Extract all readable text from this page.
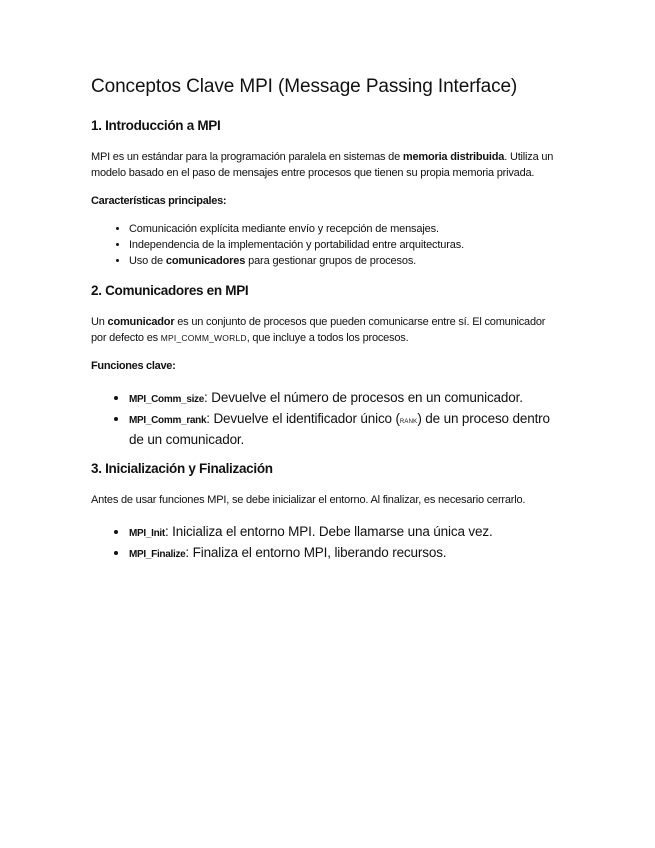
Conceptos Clave MPI (Message Passing Interface)
1. Introducción a MPI

MPI es un estándar para la programación paralela en sistemas de memoria distribuida. Utiliza un modelo basado en el paso de mensajes entre procesos que tienen su propia memoria privada.

Características principales:
• Comunicación explícita mediante envío y recepción de mensajes.
• Independencia de la implementación y portabilidad entre arquitecturas.
• Uso de comunicadores para gestionar grupos de procesos.
2. Comunicadores en MPI

Un comunicador es un conjunto de procesos que pueden comunicarse entre sí. El comunicador por defecto es MPI_COMM_WORLD, que incluye a todos los procesos.

Funciones clave:
• MPI_Comm_size: Devuelve el número de procesos en un comunicador.
• MPI_Comm_rank: Devuelve el identificador único (rank) de un proceso dentro de un comunicador.
3. Inicialización y Finalización

Antes de usar funciones MPI, se debe inicializar el entorno. Al finalizar, es necesario cerrarlo.

• MPI_Init: Inicializa el entorno MPI. Debe llamarse una única vez.
• MPI_Finalize: Finaliza el entorno MPI, liberando recursos.
